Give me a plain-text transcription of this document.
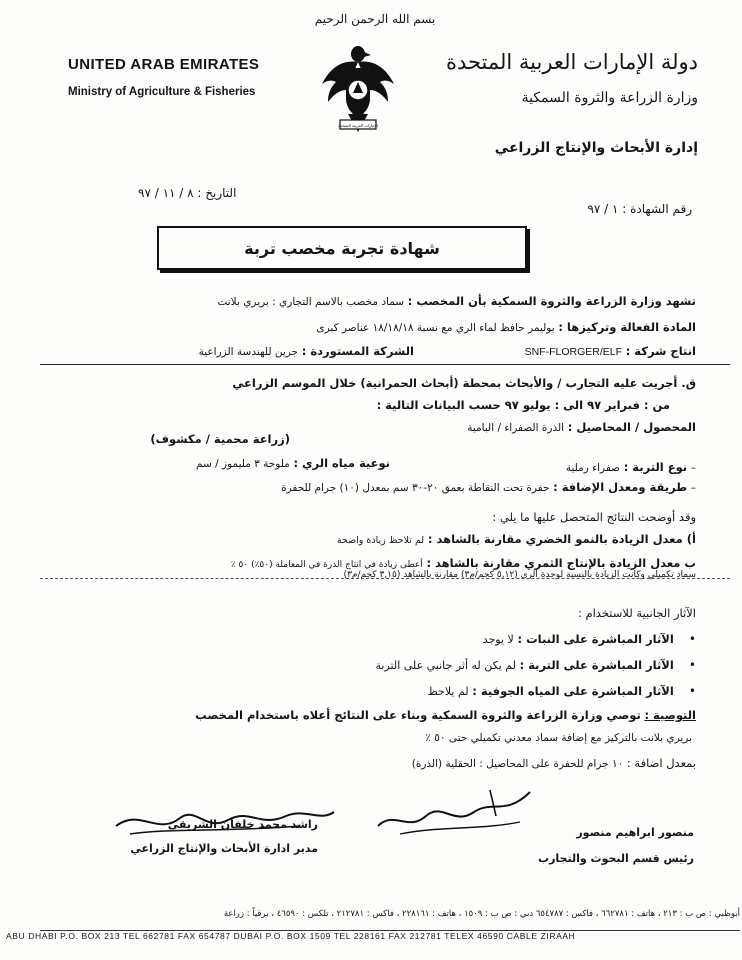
بسم الله الرحمن الرحيم
UNITED ARAB EMIRATES
Ministry of Agriculture & Fisheries
دولة الإمارات العربية المتحدة
وزارة الزراعة والثروة السمكية
إدارة الأبحاث والإنتاج الزراعي
الإمارات العربية المتحدة
رقم الشهادة : ١ / ٩٧
التاريخ : ٨ / ١١ / ٩٧
شهادة تجربة مخصب تربة
تشهد وزارة الزراعة والثروة السمكية بأن المخصب : سماد مخصب بالاسم التجاري : بريري بلانت
المادة الفعالة وتركيزها : بوليمر حافظ لماء الري مع نسبة ١٨/١٨/١٨ عناصر كبرى
انتاج شركة : SNF-FLORGER/ELF
الشركة المستوردة : جرين للهندسة الزراعية
ق. أجريت عليه التجارب / والأبحاث بمحطة (أبحاث الحمرانية) خلال الموسم الزراعي
من : فبراير ٩٧ الى : يوليو ٩٧ حسب البيانات التالية :
المحصول / المحاصيل : الذرة الصفراء / البامية
(زراعة محمية / مكشوف)
– نوع التربة : صفراء رملية
نوعية مياه الري : ملوحة ٣ مليموز / سم
– طريقة ومعدل الإضافة : حفرة تحت النقاطة بعمق ٢٠-٣٠ سم بمعدل (١٠) جرام للحفرة
وقد أوضحت النتائج المتحصل عليها ما يلي :
أ) معدل الزيادة بالنمو الخضري مقارنة بالشاهد : لم تلاحظ زيادة واضحة
ب معدل الزيادة بالإنتاج الثمري مقارنة بالشاهد : أعطى زيادة في انتاج الذرة في المعاملة (٥٠٪) ٥٠ ٪
سماد تكميلي وكانت الزيادة بالنسبة لوحدة الري (٥,١٢ كجم/م٣) مقارنة بالشاهد (٣,١٥ كجم/م٣)
الآثار الجانبية للاستخدام :
•    الآثار المباشرة على النبات : لا يوجد
•    الآثار المباشرة على التربة : لم يكن له أثر جانبي على التربة
•    الآثار المباشرة على المياه الجوفية : لم يلاحظ
التوصية : توصي وزارة الزراعة والثروة السمكية وبناء على النتائج أعلاه باستخدام المخصب
بريري بلانت بالتركيز مع إضافة سماد معدني تكميلي حتى ٥٠ ٪
بمعدل اضافة : ١٠ جرام للحفرة على المحاصيل : الحقلية (الذرة)
راشد محمد خلفان الشريقي
مدير ادارة الأبحاث والإنتاج الزراعي
منصور ابراهيم منصور
رئيس قسم البحوث والتجارب
أبوظبي : ص ب : ٢١٣ ، هاتف : ٦٦٢٧٨١ ، فاكس : ٦٥٤٧٨٧ دبي : ص ب : ١٥٠٩ ، هاتف : ٢٢٨١٦١ ، فاكس : ٢١٢٧٨١ ، تلكس : ٤٦٥٩٠ ، برقياً : زراعة
ABU DHABI P.O. BOX 213 TEL 662781 FAX 654787 DUBAI P.O. BOX 1509 TEL 228161 FAX 212781 TELEX 46590 CABLE ZIRAAH
